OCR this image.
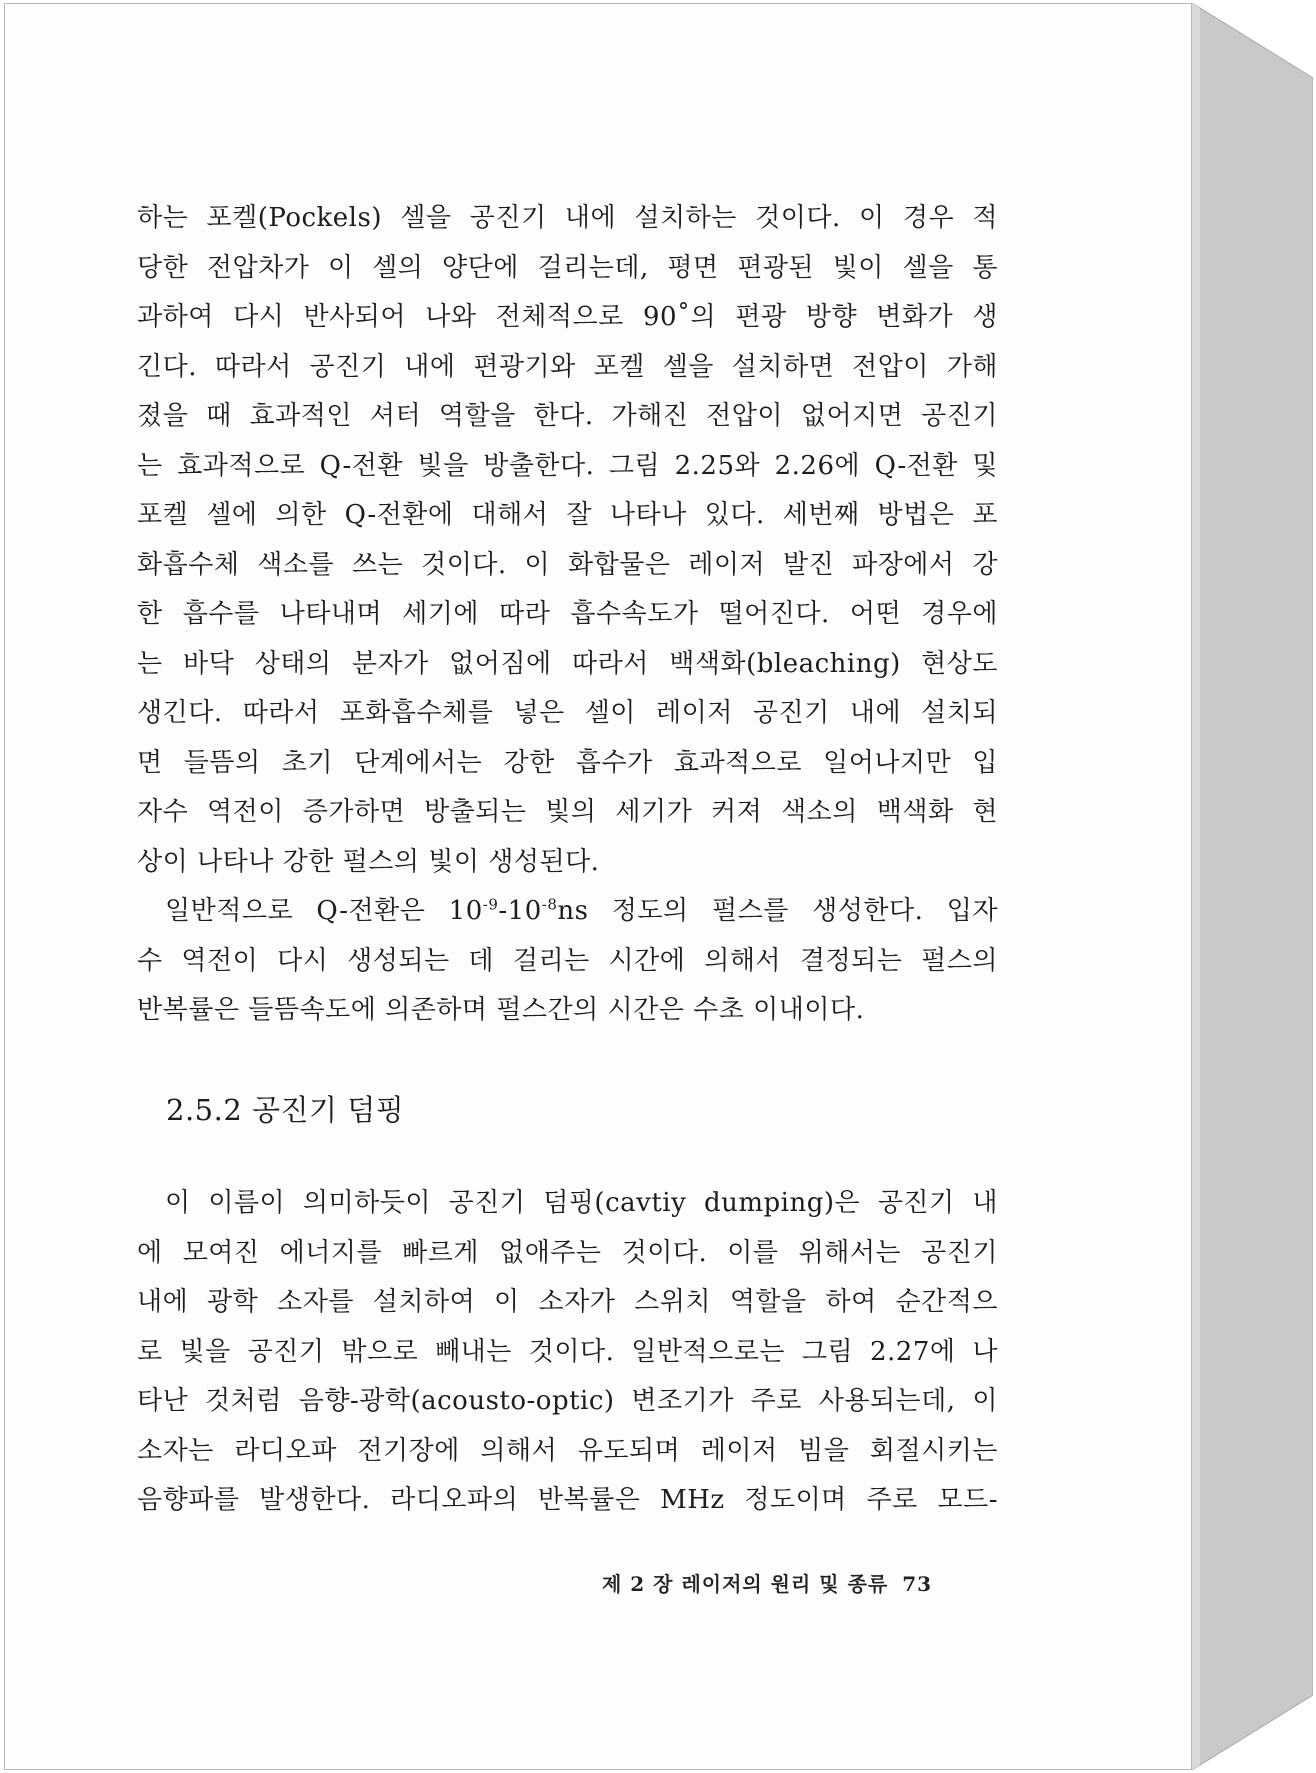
하는 포켈(Pockels) 셀을 공진기 내에 설치하는 것이다. 이 경우 적
당한 전압차가 이 셀의 양단에 걸리는데, 평면 편광된 빛이 셀을 통
과하여 다시 반사되어 나와 전체적으로 90˚의 편광 방향 변화가 생
긴다. 따라서 공진기 내에 편광기와 포켈 셀을 설치하면 전압이 가해
졌을 때 효과적인 셔터 역할을 한다. 가해진 전압이 없어지면 공진기
는 효과적으로 Q-전환 빛을 방출한다. 그림 2.25와 2.26에 Q-전환 및
포켈 셀에 의한 Q-전환에 대해서 잘 나타나 있다. 세번째 방법은 포
화흡수체 색소를 쓰는 것이다. 이 화합물은 레이저 발진 파장에서 강
한 흡수를 나타내며 세기에 따라 흡수속도가 떨어진다. 어떤 경우에
는 바닥 상태의 분자가 없어짐에 따라서 백색화(bleaching) 현상도
생긴다. 따라서 포화흡수체를 넣은 셀이 레이저 공진기 내에 설치되
면 들뜸의 초기 단계에서는 강한 흡수가 효과적으로 일어나지만 입
자수 역전이 증가하면 방출되는 빛의 세기가 커져 색소의 백색화 현
상이 나타나 강한 펄스의 빛이 생성된다.
일반적으로 Q-전환은 $10^{-9}-10^{-8}ns$ 정도의 펄스를 생성한다. 입자
수 역전이 다시 생성되는 데 걸리는 시간에 의해서 결정되는 펄스의
반복률은 들뜸속도에 의존하며 펄스간의 시간은 수초 이내이다.
2.5.2 공진기 덤핑
이 이름이 의미하듯이 공진기 덤핑(cavtiy dumping)은 공진기 내
에 모여진 에너지를 빠르게 없애주는 것이다. 이를 위해서는 공진기
내에 광학 소자를 설치하여 이 소자가 스위치 역할을 하여 순간적으
로 빛을 공진기 밖으로 빼내는 것이다. 일반적으로는 그림 2.27에 나
타난 것처럼 음향-광학(acousto-optic) 변조기가 주로 사용되는데, 이
소자는 라디오파 전기장에 의해서 유도되며 레이저 빔을 회절시키는
음향파를 발생한다. 라디오파의 반복률은 MHz 정도이며 주로 모드-
제 2 장 레이저의 원리 및 종류 73
